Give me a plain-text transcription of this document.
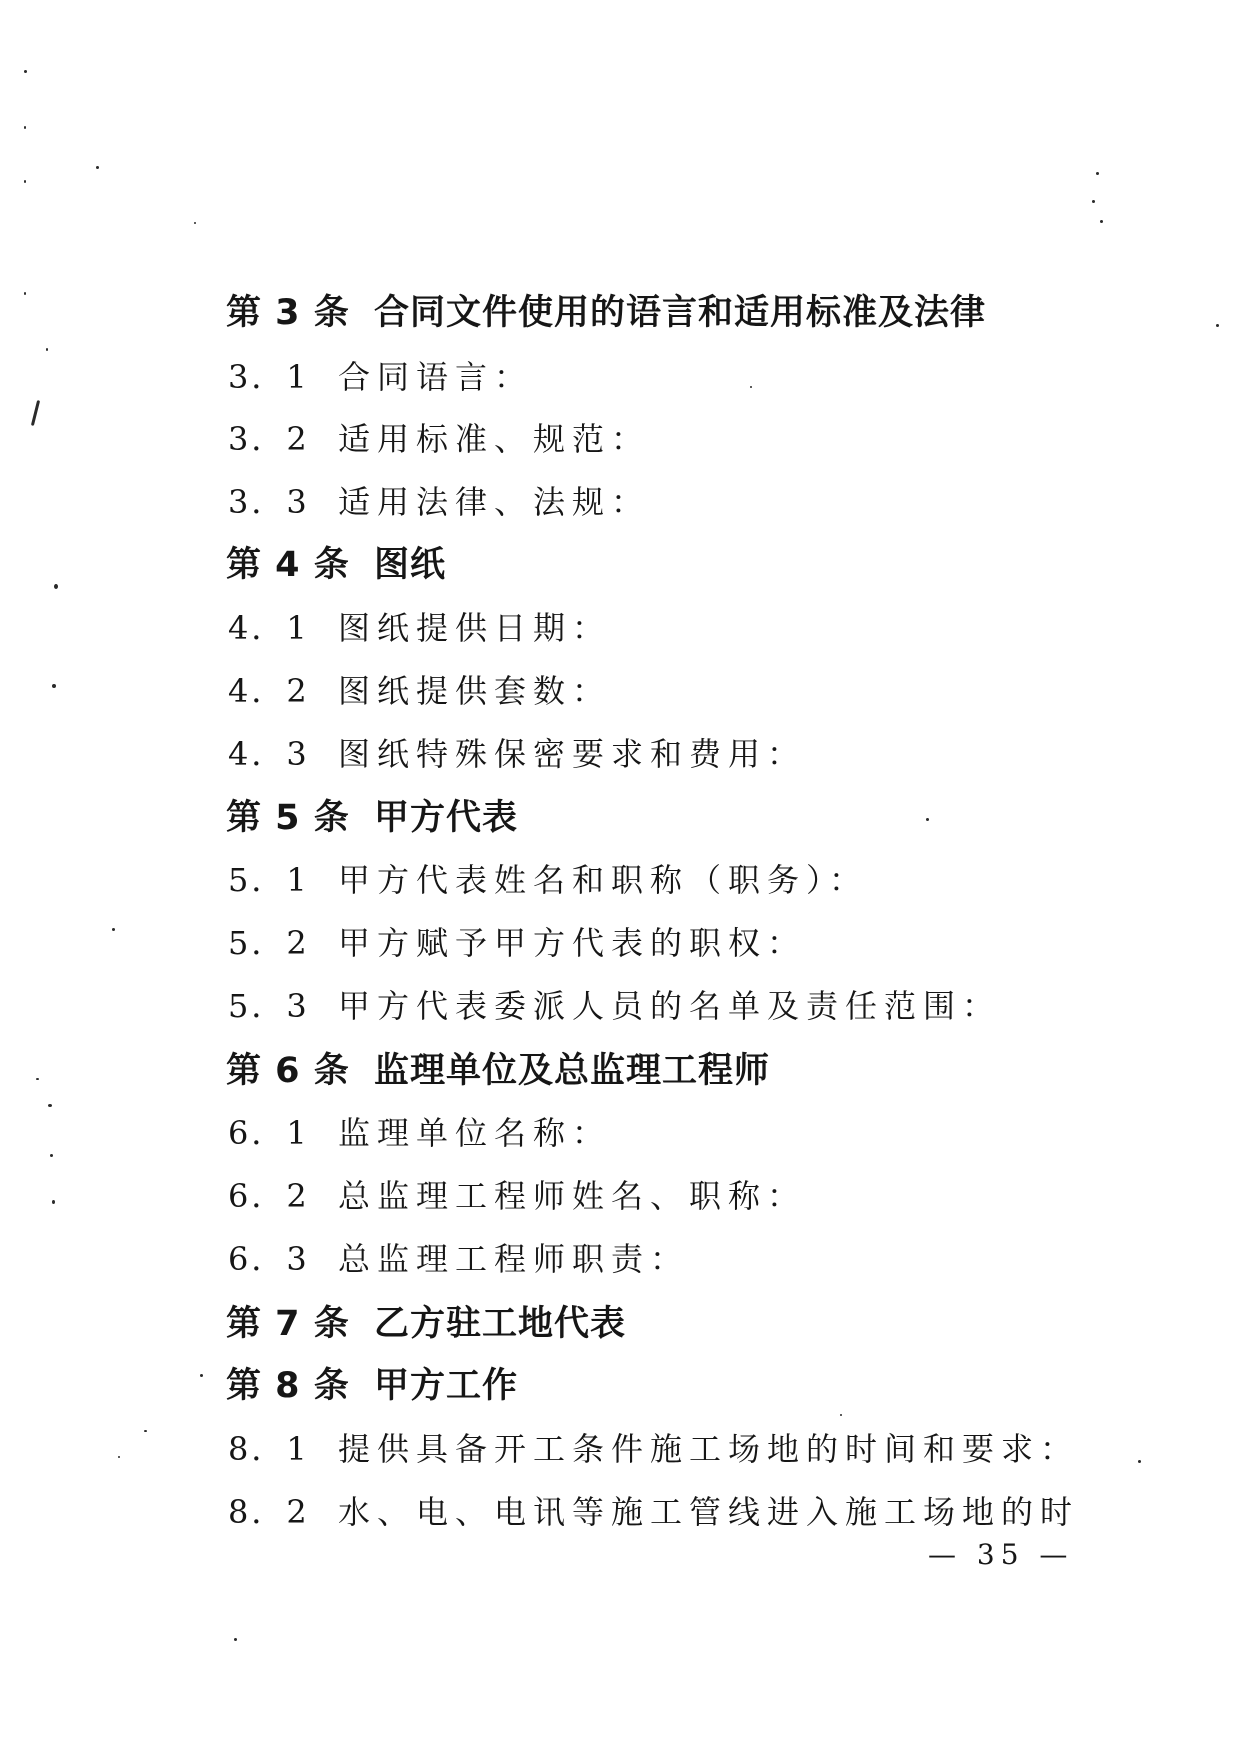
第 3 条 合同文件使用的语言和适用标准及法律
3．1 合同语言：
3．2 适用标准、规范：
3．3 适用法律、法规：
第 4 条 图纸
4．1 图纸提供日期：
4．2 图纸提供套数：
4．3 图纸特殊保密要求和费用：
第 5 条 甲方代表
5．1 甲方代表姓名和职称（职务）：
5．2 甲方赋予甲方代表的职权：
5．3 甲方代表委派人员的名单及责任范围：
第 6 条 监理单位及总监理工程师
6．1 监理单位名称：
6．2 总监理工程师姓名、职称：
6．3 总监理工程师职责：
第 7 条 乙方驻工地代表
第 8 条 甲方工作
8．1 提供具备开工条件施工场地的时间和要求：
8．2 水、电、电讯等施工管线进入施工场地的时
— 35 —
